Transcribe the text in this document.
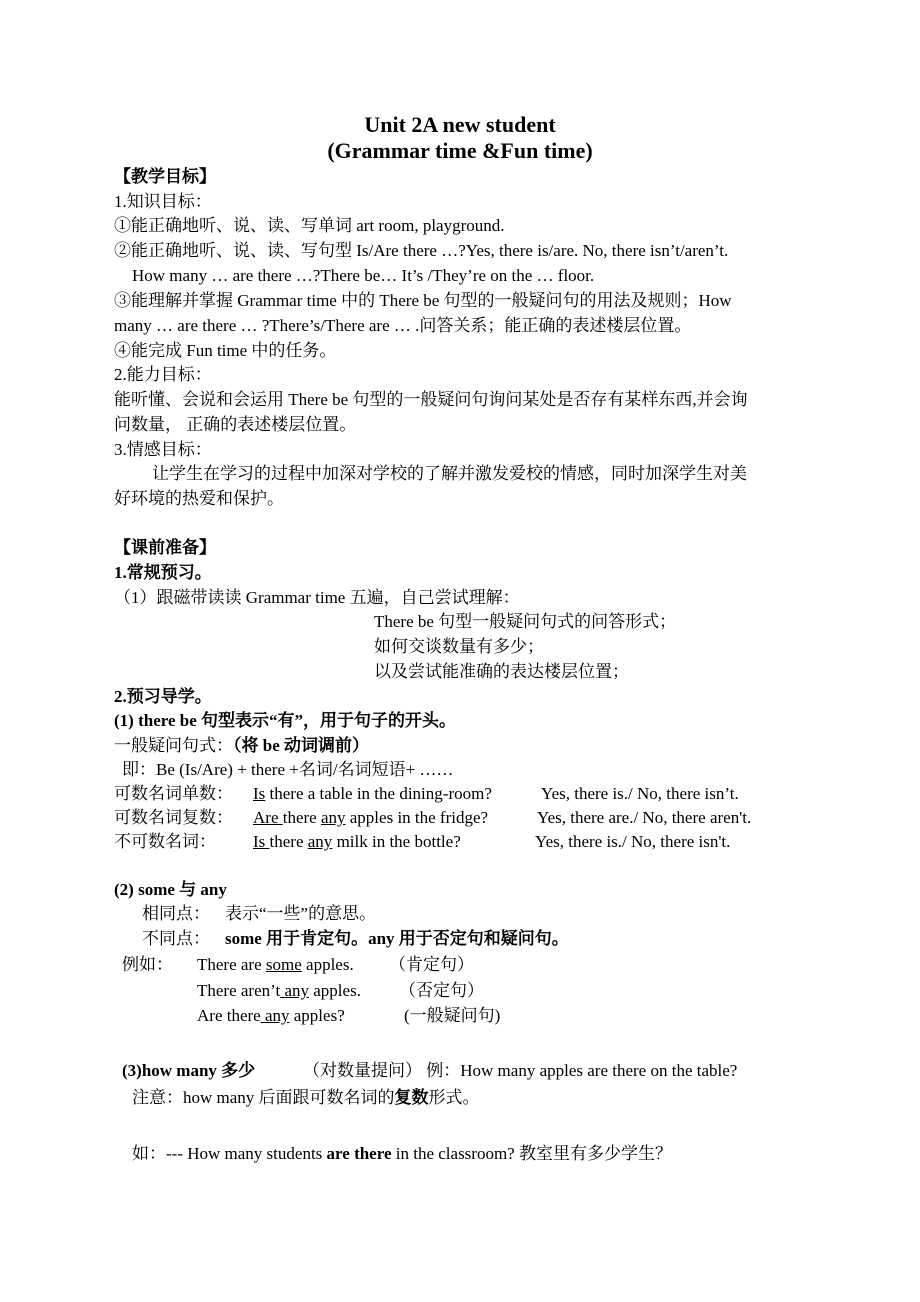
Unit 2A new student
(Grammar time &Fun time)
【教学目标】
1.知识目标：
①能正确地听、说、读、写单词 art room, playground.
②能正确地听、说、读、写句型 Is/Are there …?Yes, there is/are. No, there isn’t/aren’t.
How many … are there …?There be… It’s /They’re on the … floor.
③能理解并掌握 Grammar time 中的 There be 句型的一般疑问句的用法及规则；How
many … are there … ?There’s/There are … .问答关系；能正确的表述楼层位置。
④能完成 Fun time 中的任务。
2.能力目标：
能听懂、会说和会运用 There be 句型的一般疑问句询问某处是否存有某样东西,并会询
问数量， 正确的表述楼层位置。
3.情感目标：
让学生在学习的过程中加深对学校的了解并激发爱校的情感，同时加深学生对美
好环境的热爱和保护。
【课前准备】
1.常规预习。
（1）跟磁带读读 Grammar time 五遍，自己尝试理解：
There be 句型一般疑问句式的问答形式；
如何交谈数量有多少；
以及尝试能准确的表达楼层位置；
2.预习导学。
(1) there be 句型表示“有”，用于句子的开头。
一般疑问句式：（将 be 动词调前）
即：Be (Is/Are) + there +名词/名词短语+ ……
可数名词单数： Is there a table in the dining-room?	Yes, there is./ No, there isn’t.
可数名词复数： Are there any apples in the fridge?	Yes, there are./ No, there aren't.
不可数名词： Is there any milk in the bottle?	Yes, there is./ No, there isn't.
(2) some 与 any
相同点： 表示“一些”的意思。
不同点： some 用于肯定句。any 用于否定句和疑问句。
例如： There are some apples. （肯定句）
There aren’t any apples. （否定句）
Are there any apples?	(一般疑问句)
(3)how many 多少	（对数量提问） 例：How many apples are there on the table?
注意：how many 后面跟可数名词的复数形式。
如：--- How many students are there in the classroom? 教室里有多少学生？
